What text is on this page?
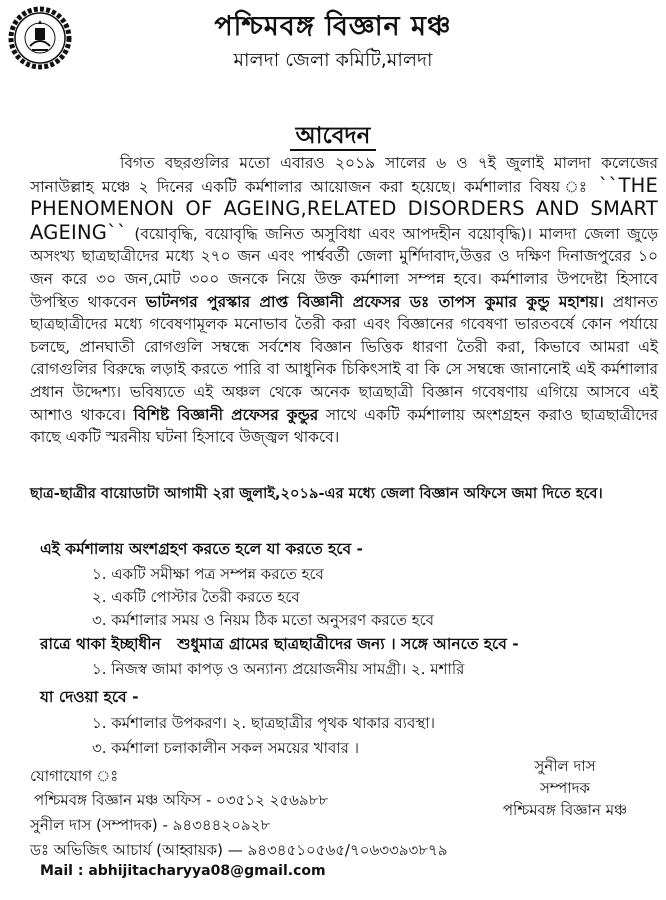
পশ্চিমবঙ্গ বিজ্ঞান মঞ্চ
মালদা জেলা কমিটি,মালদা
আবেদন
বিগত বছরগুলির মতো এবারও ২০১৯ সালের ৬ ও ৭ই জুলাই মালদা কলেজের সানাউল্লাহ মঞ্চে ২ দিনের একটি কর্মশালার আয়োজন করা হয়েছে। কর্মশালার বিষয় ঃ ``THE PHENOMENON OF AGEING,RELATED DISORDERS AND SMART AGEING`` (বয়োবৃদ্ধি, বয়োবৃদ্ধি জনিত অসুবিধা এবং আপদহীন বয়োবৃদ্ধি)। মালদা জেলা জুড়ে অসংখ্য ছাত্রছাত্রীদের মধ্যে ২৭০ জন এবং পার্শ্ববর্তী জেলা মুর্শিদাবাদ,উত্তর ও দক্ষিণ দিনাজপুরের ১০ জন করে ৩০ জন,মোট ৩০০ জনকে নিয়ে উক্ত কর্মশালা সম্পন্ন হবে। কর্মশালার উপদেষ্টা হিসাবে উপস্থিত থাকবেন ভাটনগর পুরস্কার প্রাপ্ত বিজ্ঞানী প্রফেসর ডঃ তাপস কুমার কুন্ডু মহাশয়। প্রধানত ছাত্রছাত্রীদের মধ্যে গবেষণামূলক মনোভাব তৈরী করা এবং বিজ্ঞানের গবেষণা ভারতবর্ষে কোন পর্যায়ে চলছে, প্রানঘাতী রোগগুলি সম্বন্ধে সর্বশেষ বিজ্ঞান ভিত্তিক ধারণা তৈরী করা, কিভাবে আমরা এই রোগগুলির বিরুদ্ধে লড়াই করতে পারি বা আধুনিক চিকিৎসাই বা কি সে সম্বন্ধে জানানোই এই কর্মশালার প্রধান উদ্দেশ্য। ভবিষ্যতে এই অঞ্চল থেকে অনেক ছাত্রছাত্রী বিজ্ঞান গবেষণায় এগিয়ে আসবে এই আশাও থাকবে। বিশিষ্ট বিজ্ঞানী প্রফেসর কুন্ডুর সাথে একটি কর্মশালায় অংশগ্রহন করাও ছাত্রছাত্রীদের কাছে একটি স্মরনীয় ঘটনা হিসাবে উজ্জ্বল থাকবে।
ছাত্র-ছাত্রীর বায়োডাটা আগামী ২রা জুলাই,২০১৯-এর মধ্যে জেলা বিজ্ঞান অফিসে জমা দিতে হবে।
এই কর্মশালায় অংশগ্রহণ করতে হলে যা করতে হবে -
১. একটি সমীক্ষা পত্র সম্পন্ন করতে হবে
২. একটি পোস্টার তৈরী করতে হবে
৩. কর্মশালার সময় ও নিয়ম ঠিক মতো অনুসরণ করতে হবে
রাত্রে থাকা ইচ্ছাধীন শুধুমাত্র গ্রামের ছাত্রছাত্রীদের জন্য । সঙ্গে আনতে হবে -
১. নিজস্ব জামা কাপড় ও অন্যান্য প্রয়োজনীয় সামগ্রী। ২. মশারি
যা দেওয়া হবে -
১. কর্মশালার উপকরণ। ২. ছাত্রছাত্রীর পৃথক থাকার ব্যবস্থা।
৩. কর্মশালা চলাকালীন সকল সময়ের খাবার ।
যোগাযোগ ঃ
পশ্চিমবঙ্গ বিজ্ঞান মঞ্চ অফিস - ০৩৫১২ ২৫৬৯৮৮
সুনীল দাস (সম্পাদক) - ৯৪৩৪৪২০৯২৮
ডঃ অভিজিৎ আচার্য (আহ্বায়ক) — ৯৪৩৪৫১০৫৬৫/৭০৬৩৩৯৩৮৭৯
Mail : abhijitacharyya08@gmail.com
সুনীল দাস
সম্পাদক
পশ্চিমবঙ্গ বিজ্ঞান মঞ্চ
